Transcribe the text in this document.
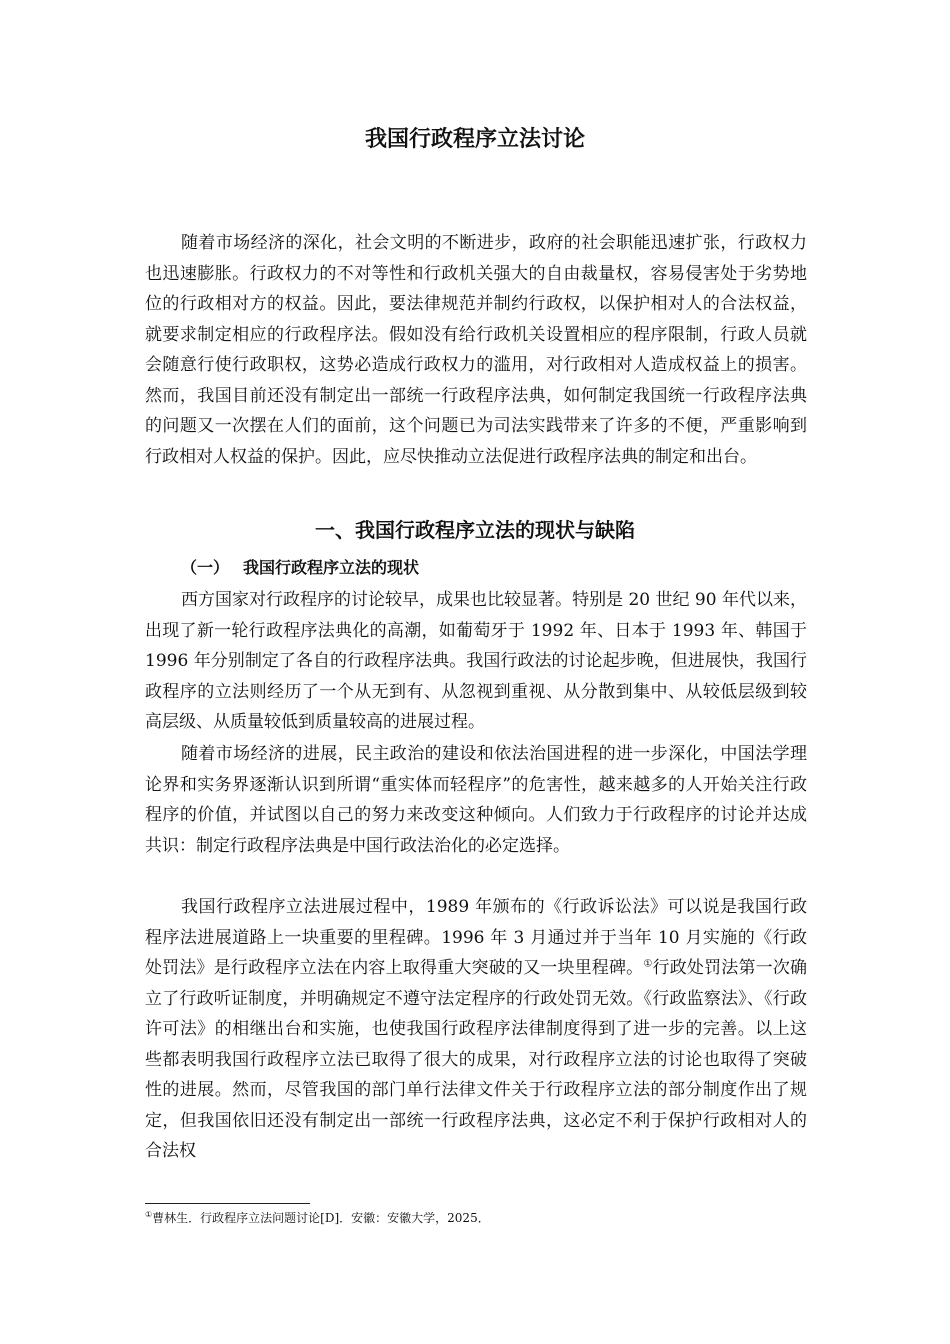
我国行政程序立法讨论

随着市场经济的深化，社会文明的不断进步，政府的社会职能迅速扩张，行政权力也迅速膨胀。行政权力的不对等性和行政机关强大的自由裁量权，容易侵害处于劣势地位的行政相对方的权益。因此，要法律规范并制约行政权，以保护相对人的合法权益，就要求制定相应的行政程序法。假如没有给行政机关设置相应的程序限制，行政人员就会随意行使行政职权，这势必造成行政权力的滥用，对行政相对人造成权益上的损害。然而，我国目前还没有制定出一部统一行政程序法典，如何制定我国统一行政程序法典的问题又一次摆在人们的面前，这个问题已为司法实践带来了许多的不便，严重影响到行政相对人权益的保护。因此，应尽快推动立法促进行政程序法典的制定和出台。

一、我国行政程序立法的现状与缺陷
（一） 我国行政程序立法的现状

西方国家对行政程序的讨论较早，成果也比较显著。特别是 20 世纪 90 年代以来，出现了新一轮行政程序法典化的高潮，如葡萄牙于 1992 年、日本于 1993 年、韩国于 1996 年分别制定了各自的行政程序法典。我国行政法的讨论起步晚，但进展快，我国行政程序的立法则经历了一个从无到有、从忽视到重视、从分散到集中、从较低层级到较高层级、从质量较低到质量较高的进展过程。

随着市场经济的进展，民主政治的建设和依法治国进程的进一步深化，中国法学理论界和实务界逐渐认识到所谓“重实体而轻程序”的危害性，越来越多的人开始关注行政程序的价值，并试图以自己的努力来改变这种倾向。人们致力于行政程序的讨论并达成共识：制定行政程序法典是中国行政法治化的必定选择。

我国行政程序立法进展过程中，1989 年颁布的《行政诉讼法》可以说是我国行政程序法进展道路上一块重要的里程碑。1996 年 3 月通过并于当年 10 月实施的《行政处罚法》是行政程序立法在内容上取得重大突破的又一块里程碑。①行政处罚法第一次确立了行政听证制度，并明确规定不遵守法定程序的行政处罚无效。《行政监察法》、《行政许可法》的相继出台和实施，也使我国行政程序法律制度得到了进一步的完善。以上这些都表明我国行政程序立法已取得了很大的成果，对行政程序立法的讨论也取得了突破性的进展。然而，尽管我国的部门单行法律文件关于行政程序立法的部分制度作出了规定，但我国依旧还没有制定出一部统一行政程序法典，这必定不利于保护行政相对人的合法权

①曹林生．行政程序立法问题讨论[D]．安徽：安徽大学，2025．
